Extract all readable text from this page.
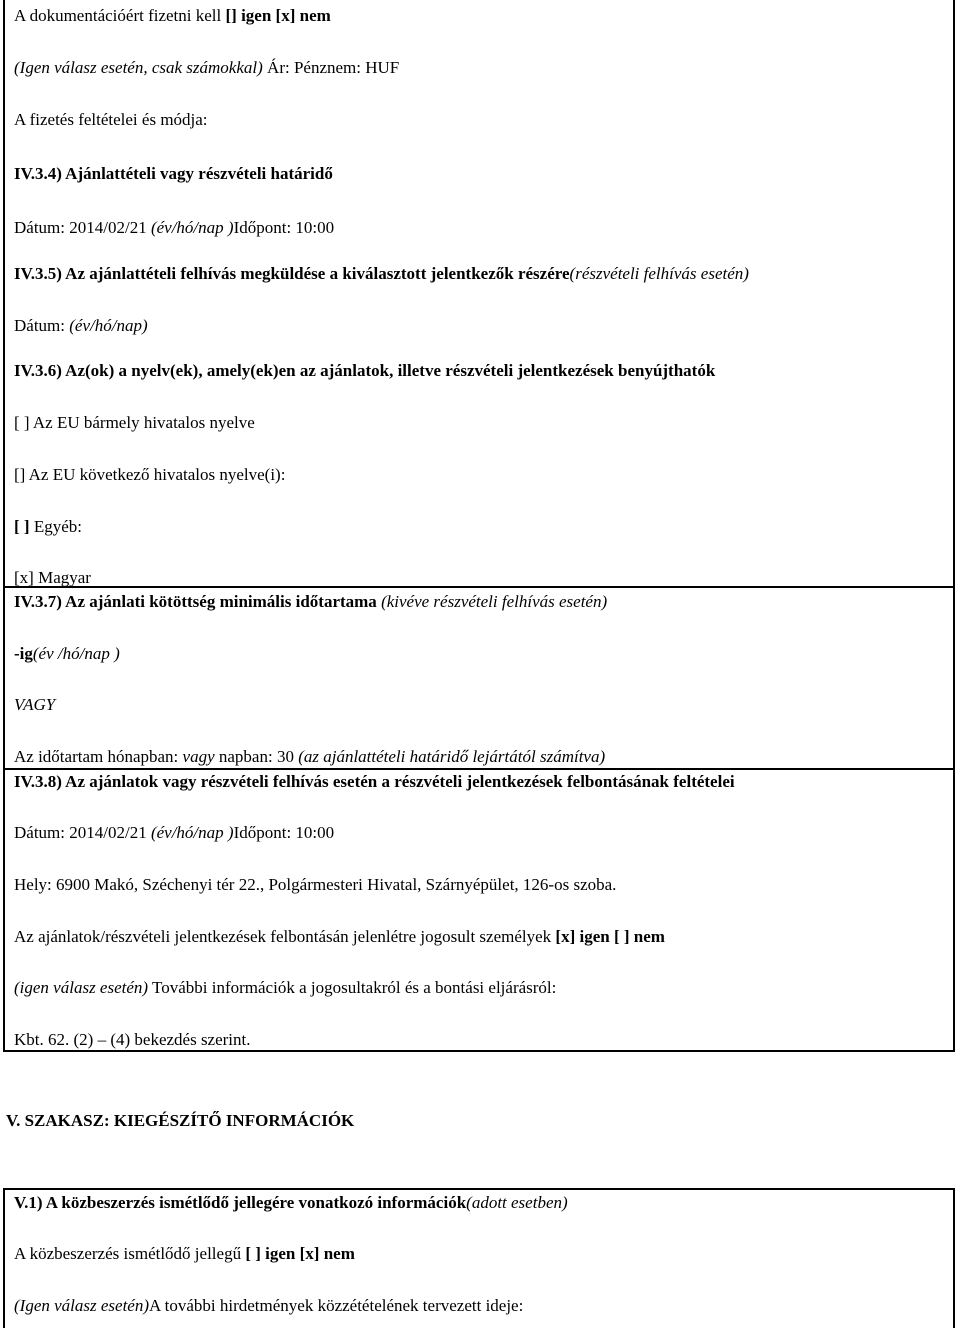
A dokumentációért fizetni kell [] igen [x] nem
(Igen válasz esetén, csak számokkal) Ár: Pénznem: HUF
A fizetés feltételei és módja:
IV.3.4) Ajánlattételi vagy részvételi határidő
Dátum: 2014/02/21 (év/hó/nap )Időpont: 10:00
IV.3.5) Az ajánlattételi felhívás megküldése a kiválasztott jelentkezők részére(részvételi felhívás esetén)
Dátum: (év/hó/nap)
IV.3.6) Az(ok) a nyelv(ek), amely(ek)en az ajánlatok, illetve részvételi jelentkezések benyújthatók
[ ] Az EU bármely hivatalos nyelve
[] Az EU következő hivatalos nyelve(i):
[ ] Egyéb:
[x] Magyar
IV.3.7) Az ajánlati kötöttség minimális időtartama (kivéve részvételi felhívás esetén)
-ig(év /hó/nap )
VAGY
Az időtartam hónapban: vagy napban: 30 (az ajánlattételi határidő lejártától számítva)
IV.3.8) Az ajánlatok vagy részvételi felhívás esetén a részvételi jelentkezések felbontásának feltételei
Dátum: 2014/02/21 (év/hó/nap )Időpont: 10:00
Hely: 6900 Makó, Széchenyi tér 22., Polgármesteri Hivatal, Szárnyépület, 126-os szoba.
Az ajánlatok/részvételi jelentkezések felbontásán jelenlétre jogosult személyek [x] igen [ ] nem
(igen válasz esetén) További információk a jogosultakról és a bontási eljárásról:
Kbt. 62. (2) – (4) bekezdés szerint.
V. SZAKASZ: KIEGÉSZÍTŐ INFORMÁCIÓK
V.1) A közbeszerzés ismétlődő jellegére vonatkozó információk(adott esetben)
A közbeszerzés ismétlődő jellegű [ ] igen [x] nem
(Igen válasz esetén)A további hirdetmények közzétételének tervezett ideje:
